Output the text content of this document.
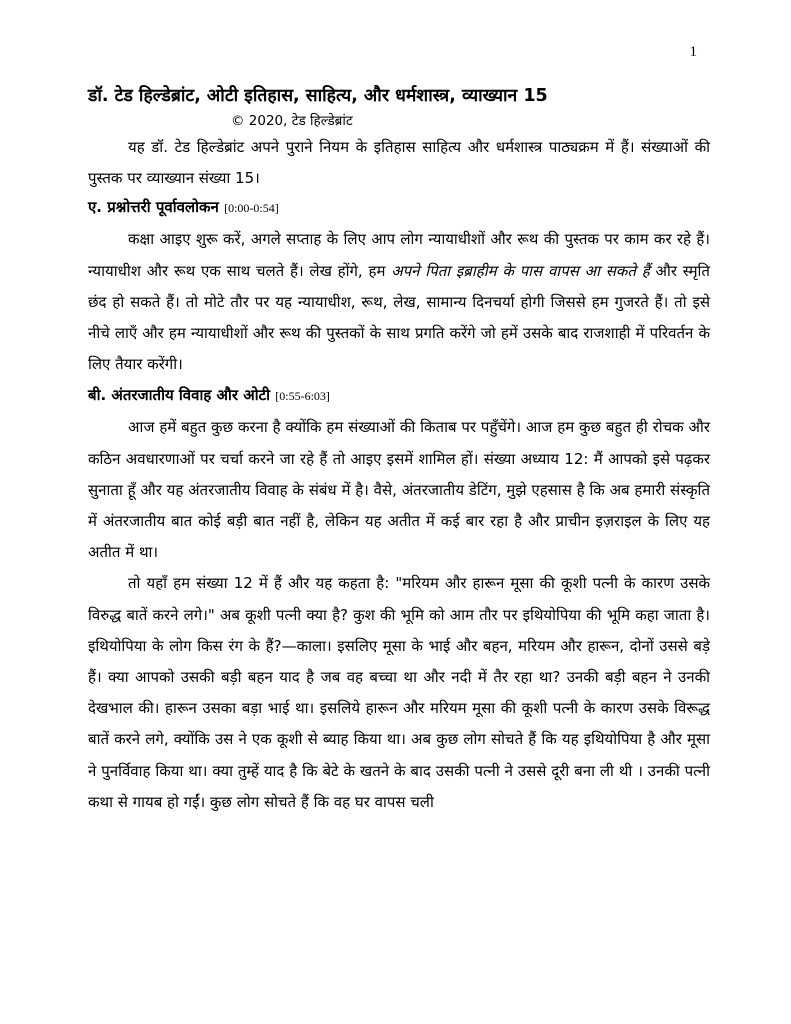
1
डॉ. टेड हिल्डेब्रांट, ओटी इतिहास, साहित्य, और धर्मशास्त्र, व्याख्यान 15
© 2020, टेड हिल्डेब्रांट

यह डॉ. टेड हिल्डेब्रांट अपने पुराने नियम के इतिहास साहित्य और धर्मशास्त्र पाठ्यक्रम में हैं। संख्याओं की पुस्तक पर व्याख्यान संख्या 15।

ए. प्रश्नोत्तरी पूर्वावलोकन [0:00-0:54]

कक्षा आइए शुरू करें, अगले सप्ताह के लिए आप लोग न्यायाधीशों और रूथ की पुस्तक पर काम कर रहे हैं। न्यायाधीश और रूथ एक साथ चलते हैं। लेख होंगे, हम अपने पिता इब्राहीम के पास वापस आ सकते हैं और स्मृति छंद हो सकते हैं। तो मोटे तौर पर यह न्यायाधीश, रूथ, लेख, सामान्य दिनचर्या होगी जिससे हम गुजरते हैं। तो इसे नीचे लाएँ और हम न्यायाधीशों और रूथ की पुस्तकों के साथ प्रगति करेंगे जो हमें उसके बाद राजशाही में परिवर्तन के लिए तैयार करेंगी।

बी. अंतरजातीय विवाह और ओटी [0:55-6:03]

आज हमें बहुत कुछ करना है क्योंकि हम संख्याओं की किताब पर पहुँचेंगे। आज हम कुछ बहुत ही रोचक और कठिन अवधारणाओं पर चर्चा करने जा रहे हैं तो आइए इसमें शामिल हों। संख्या अध्याय 12: मैं आपको इसे पढ़कर सुनाता हूँ और यह अंतरजातीय विवाह के संबंध में है। वैसे, अंतरजातीय डेटिंग, मुझे एहसास है कि अब हमारी संस्कृति में अंतरजातीय बात कोई बड़ी बात नहीं है, लेकिन यह अतीत में कई बार रहा है और प्राचीन इज़राइल के लिए यह अतीत में था।

तो यहाँ हम संख्या 12 में हैं और यह कहता है: "मरियम और हारून मूसा की कूशी पत्नी के कारण उसके विरुद्ध बातें करने लगे।" अब कूशी पत्नी क्या है? कुश की भूमि को आम तौर पर इथियोपिया की भूमि कहा जाता है। इथियोपिया के लोग किस रंग के हैं?—काला। इसलिए मूसा के भाई और बहन, मरियम और हारून, दोनों उससे बड़े हैं। क्या आपको उसकी बड़ी बहन याद है जब वह बच्चा था और नदी में तैर रहा था? उनकी बड़ी बहन ने उनकी देखभाल की। हारून उसका बड़ा भाई था। इसलिये हारून और मरियम मूसा की कूशी पत्नी के कारण उसके विरूद्ध बातें करने लगे, क्योंकि उस ने एक कूशी से ब्याह किया था। अब कुछ लोग सोचते हैं कि यह इथियोपिया है और मूसा ने पुनर्विवाह किया था। क्या तुम्हें याद है कि बेटे के खतने के बाद उसकी पत्नी ने उससे दूरी बना ली थी । उनकी पत्नी कथा से गायब हो गईं। कुछ लोग सोचते हैं कि वह घर वापस चली
